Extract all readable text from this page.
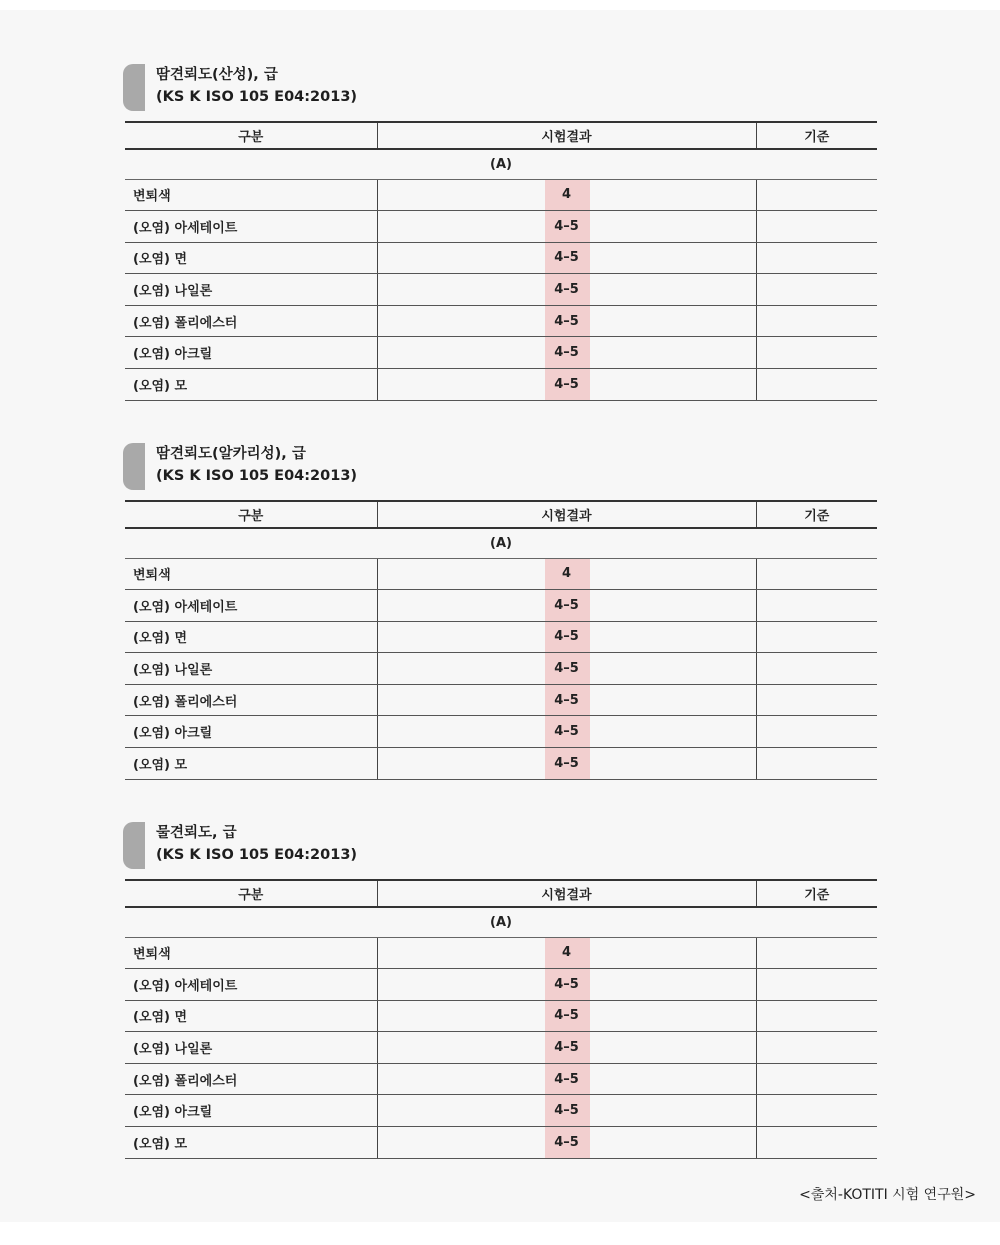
땀견뢰도(산성), 급
(KS K ISO 105 E04:2013)
구분	시험결과	기준
(A)		
변퇴색	4	
(오염) 아세테이트	4–5	
(오염) 면	4–5	
(오염) 나일론	4–5	
(오염) 폴리에스터	4–5	
(오염) 아크릴	4–5	
(오염) 모	4–5	
땀견뢰도(알카리성), 급
(KS K ISO 105 E04:2013)
구분	시험결과	기준
(A)		
변퇴색	4	
(오염) 아세테이트	4–5	
(오염) 면	4–5	
(오염) 나일론	4–5	
(오염) 폴리에스터	4–5	
(오염) 아크릴	4–5	
(오염) 모	4–5	
물견뢰도, 급
(KS K ISO 105 E04:2013)
구분	시험결과	기준
(A)		
변퇴색	4	
(오염) 아세테이트	4–5	
(오염) 면	4–5	
(오염) 나일론	4–5	
(오염) 폴리에스터	4–5	
(오염) 아크릴	4–5	
(오염) 모	4–5	
<출처-KOTITI 시험 연구원>
